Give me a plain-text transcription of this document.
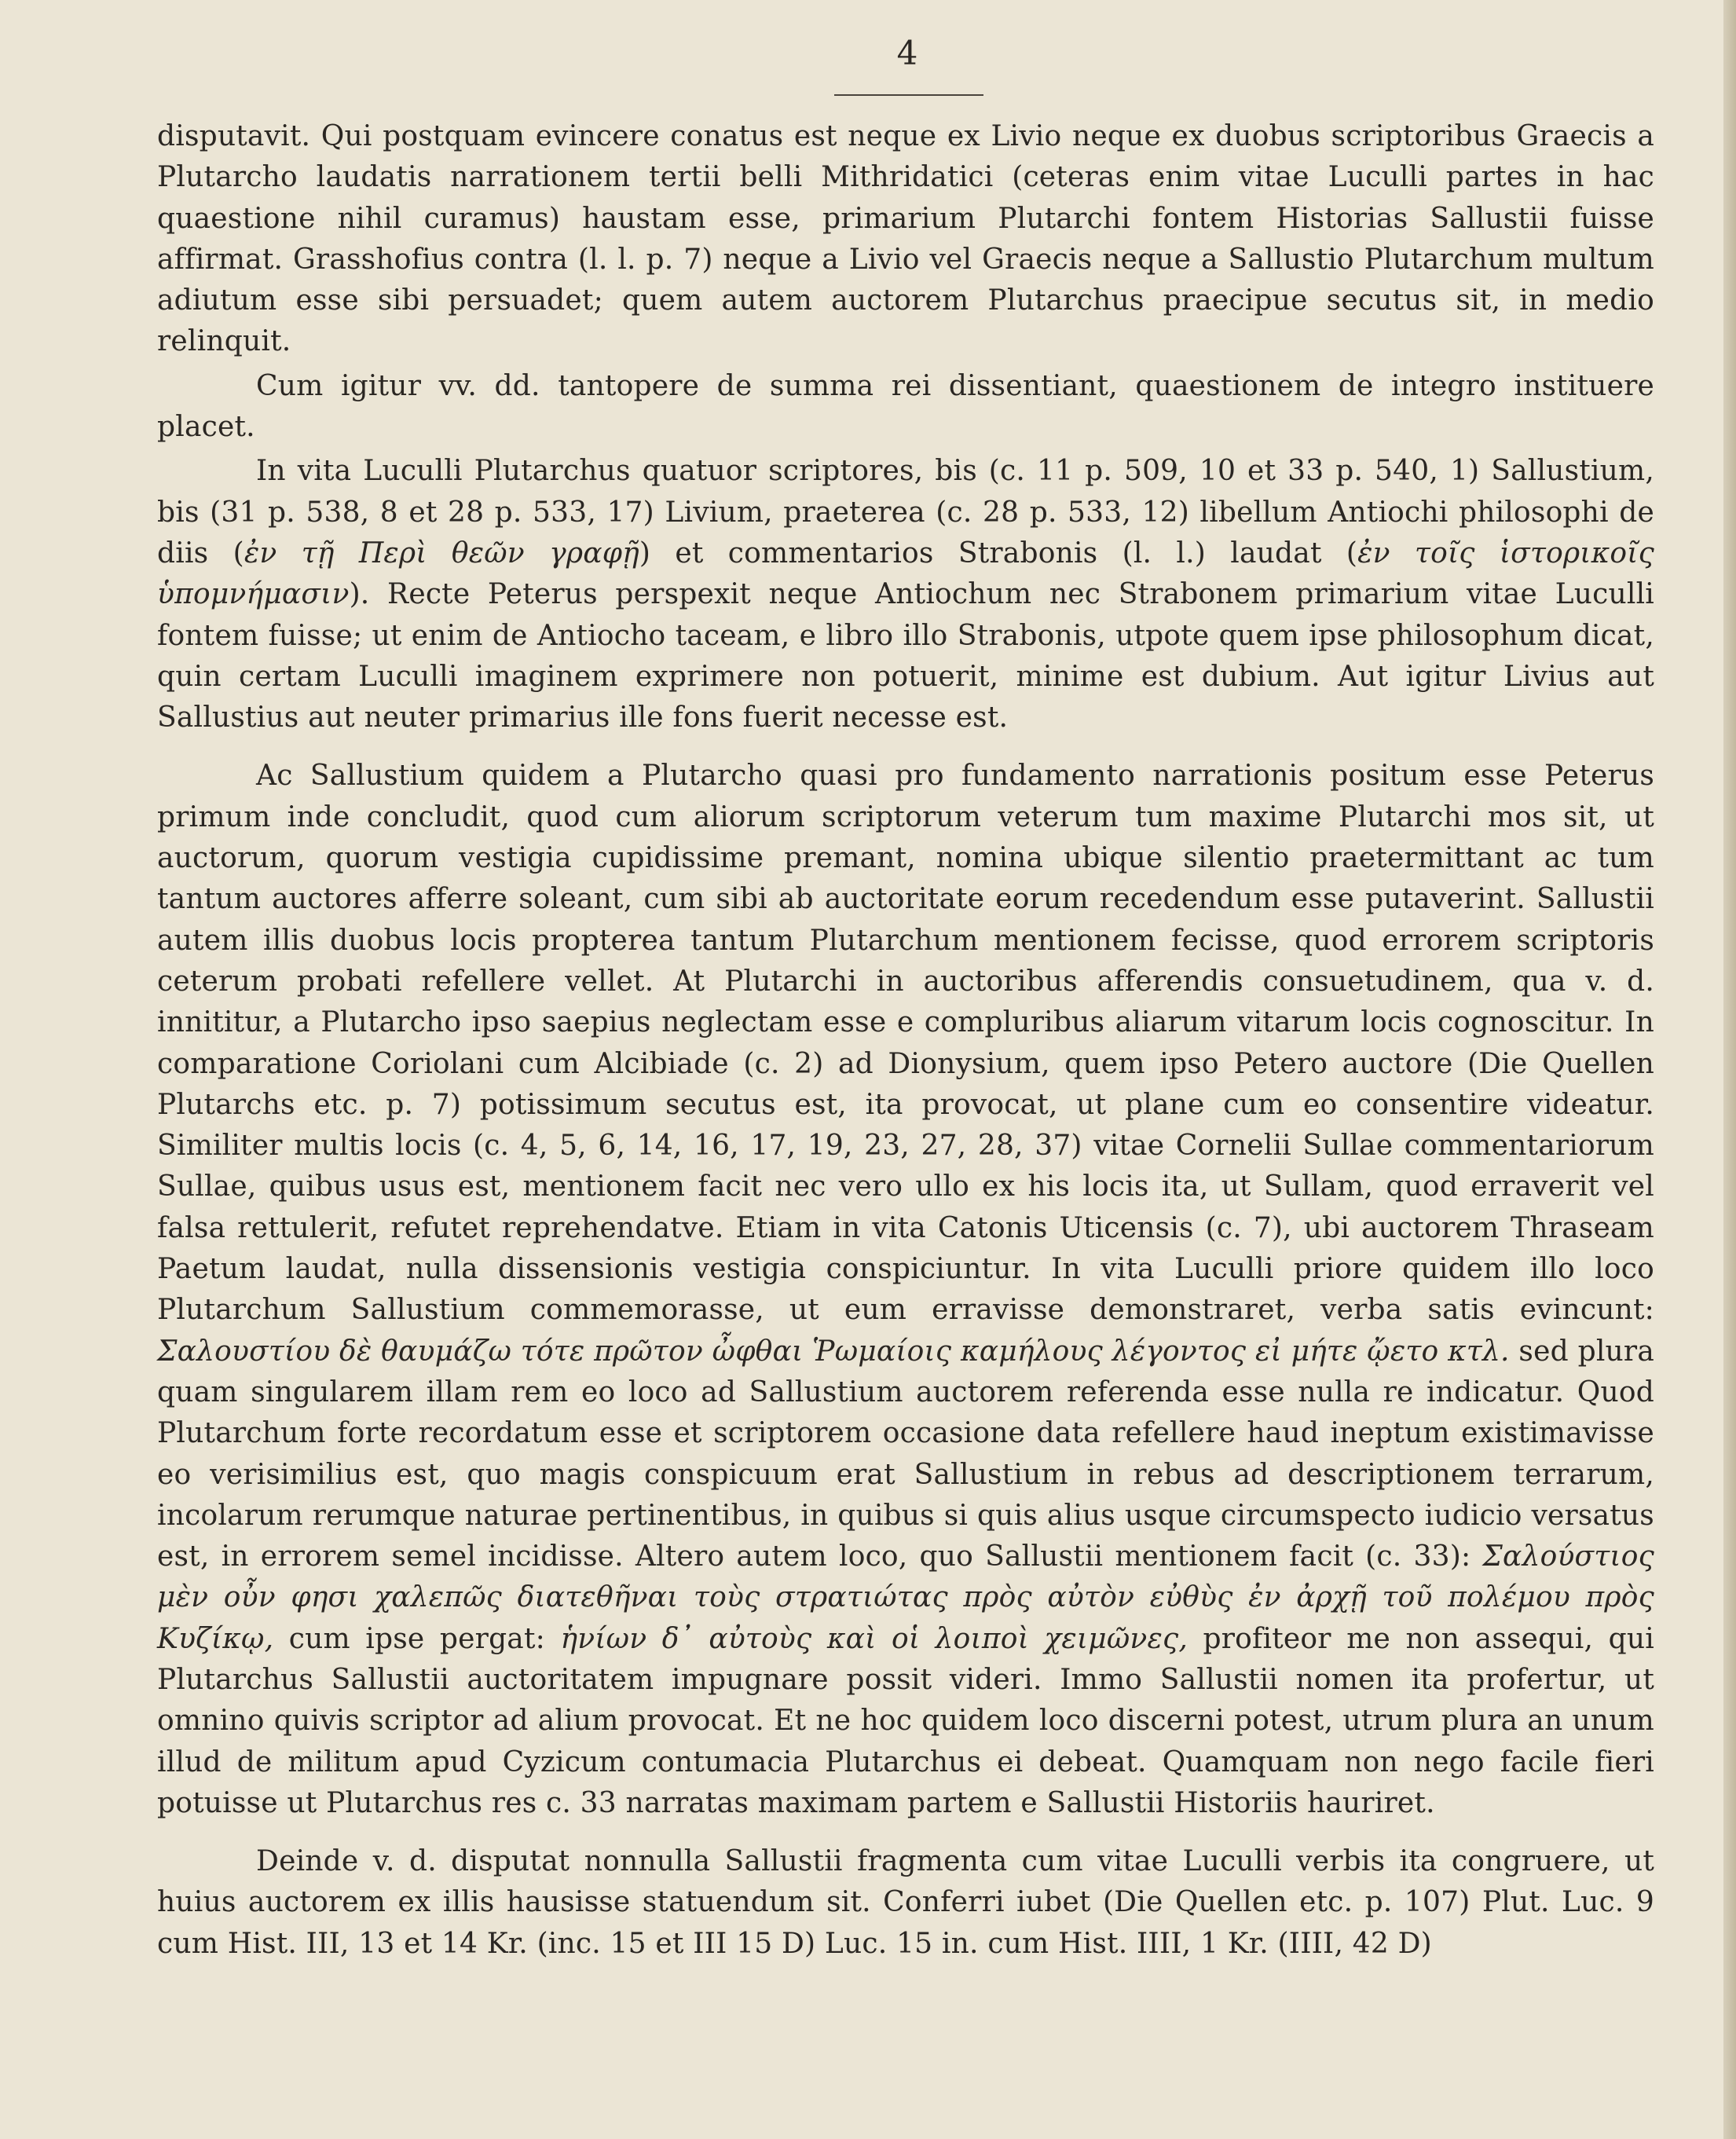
4

disputavit. Qui postquam evincere conatus est neque ex Livio neque ex duobus scriptoribus Graecis a Plutarcho laudatis narrationem tertii belli Mithridatici (ceteras enim vitae Luculli partes in hac quaestione nihil curamus) haustam esse, primarium Plutarchi fontem Historias Sallustii fuisse affirmat. Grasshofius contra (l. l. p. 7) neque a Livio vel Graecis neque a Sallustio Plutarchum multum adiutum esse sibi persuadet; quem autem auctorem Plutarchus praecipue secutus sit, in medio relinquit.

Cum igitur vv. dd. tantopere de summa rei dissentiant, quaestionem de integro instituere placet.

In vita Luculli Plutarchus quatuor scriptores, bis (c. 11 p. 509, 10 et 33 p. 540, 1) Sallustium, bis (31 p. 538, 8 et 28 p. 533, 17) Livium, praeterea (c. 28 p. 533, 12) libellum Antiochi philosophi de diis (ἐν τῇ Περὶ θεῶν γραφῇ) et commentarios Strabonis (l. l.) laudat (ἐν τοῖς ἱστορικοῖς ὑπομνήμασιν). Recte Peterus perspexit neque Antiochum nec Strabonem primarium vitae Luculli fontem fuisse; ut enim de Antiocho taceam, e libro illo Strabonis, utpote quem ipse philosophum dicat, quin certam Luculli imaginem exprimere non potuerit, minime est dubium. Aut igitur Livius aut Sallustius aut neuter primarius ille fons fuerit necesse est.

Ac Sallustium quidem a Plutarcho quasi pro fundamento narrationis positum esse Peterus primum inde concludit, quod cum aliorum scriptorum veterum tum maxime Plutarchi mos sit, ut auctorum, quorum vestigia cupidissime premant, nomina ubique silentio praetermittant ac tum tantum auctores afferre soleant, cum sibi ab auctoritate eorum recedendum esse putaverint. Sallustii autem illis duobus locis propterea tantum Plutarchum mentionem fecisse, quod errorem scriptoris ceterum probati refellere vellet. At Plutarchi in auctoribus afferendis consuetudinem, qua v. d. innititur, a Plutarcho ipso saepius neglectam esse e compluribus aliarum vitarum locis cognoscitur. In comparatione Coriolani cum Alcibiade (c. 2) ad Dionysium, quem ipso Petero auctore (Die Quellen Plutarchs etc. p. 7) potissimum secutus est, ita provocat, ut plane cum eo consentire videatur. Similiter multis locis (c. 4, 5, 6, 14, 16, 17, 19, 23, 27, 28, 37) vitae Cornelii Sullae commentariorum Sullae, quibus usus est, mentionem facit nec vero ullo ex his locis ita, ut Sullam, quod erraverit vel falsa rettulerit, refutet reprehendatve. Etiam in vita Catonis Uticensis (c. 7), ubi auctorem Thraseam Paetum laudat, nulla dissensionis vestigia conspiciuntur. In vita Luculli priore quidem illo loco Plutarchum Sallustium commemorasse, ut eum erravisse demonstraret, verba satis evincunt: Σαλουστίου δὲ θαυμάζω τότε πρῶτον ὦφθαι Ῥωμαίοις καμήλους λέγοντος εἰ μήτε ᾤετο κτλ. sed plura quam singularem illam rem eo loco ad Sallustium auctorem referenda esse nulla re indicatur. Quod Plutarchum forte recordatum esse et scriptorem occasione data refellere haud ineptum existimavisse eo verisimilius est, quo magis conspicuum erat Sallustium in rebus ad descriptionem terrarum, incolarum rerumque naturae pertinentibus, in quibus si quis alius usque circumspecto iudicio versatus est, in errorem semel incidisse. Altero autem loco, quo Sallustii mentionem facit (c. 33): Σαλούστιος μὲν οὖν φησι χαλεπῶς διατεθῆναι τοὺς στρατιώτας πρὸς αὐτὸν εὐθὺς ἐν ἀρχῇ τοῦ πολέμου πρὸς Κυζίκῳ, cum ipse pergat: ἡνίων δ᾽ αὐτοὺς καὶ οἱ λοιποὶ χειμῶνες, profiteor me non assequi, qui Plutarchus Sallustii auctoritatem impugnare possit videri. Immo Sallustii nomen ita profertur, ut omnino quivis scriptor ad alium provocat. Et ne hoc quidem loco discerni potest, utrum plura an unum illud de militum apud Cyzicum contumacia Plutarchus ei debeat. Quamquam non nego facile fieri potuisse ut Plutarchus res c. 33 narratas maximam partem e Sallustii Historiis hauriret.

Deinde v. d. disputat nonnulla Sallustii fragmenta cum vitae Luculli verbis ita congruere, ut huius auctorem ex illis hausisse statuendum sit. Conferri iubet (Die Quellen etc. p. 107) Plut. Luc. 9 cum Hist. III, 13 et 14 Kr. (inc. 15 et III 15 D) Luc. 15 in. cum Hist. IIII, 1 Kr. (IIII, 42 D)
